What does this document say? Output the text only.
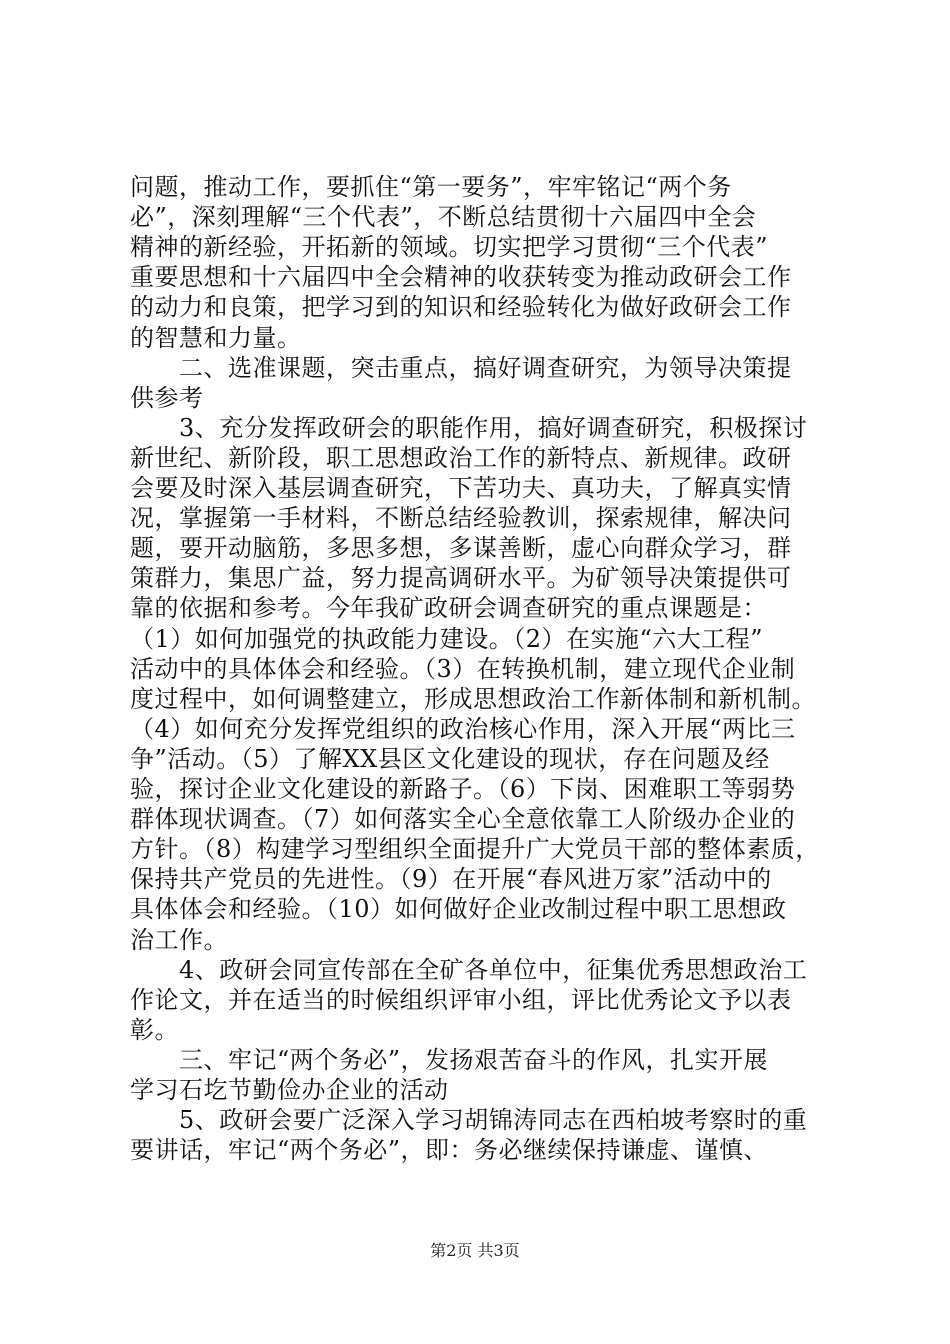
问题，推动工作，要抓住“第一要务”，牢牢铭记“两个务
必”，深刻理解“三个代表”，不断总结贯彻十六届四中全会
精神的新经验，开拓新的领域。切实把学习贯彻“三个代表”
重要思想和十六届四中全会精神的收获转变为推动政研会工作
的动力和良策，把学习到的知识和经验转化为做好政研会工作
的智慧和力量。
　　二、选准课题，突击重点，搞好调查研究，为领导决策提
供参考
　　3、充分发挥政研会的职能作用，搞好调查研究，积极探讨
新世纪、新阶段，职工思想政治工作的新特点、新规律。政研
会要及时深入基层调查研究，下苦功夫、真功夫，了解真实情
况，掌握第一手材料，不断总结经验教训，探索规律，解决问
题，要开动脑筋，多思多想，多谋善断，虚心向群众学习，群
策群力，集思广益，努力提高调研水平。为矿领导决策提供可
靠的依据和参考。今年我矿政研会调查研究的重点课题是：
（1）如何加强党的执政能力建设。（2）在实施“六大工程”
活动中的具体体会和经验。（3）在转换机制，建立现代企业制
度过程中，如何调整建立，形成思想政治工作新体制和新机制。
（4）如何充分发挥党组织的政治核心作用，深入开展“两比三
争”活动。（5）了解XX县区文化建设的现状，存在问题及经
验，探讨企业文化建设的新路子。（6）下岗、困难职工等弱势
群体现状调查。（7）如何落实全心全意依靠工人阶级办企业的
方针。（8）构建学习型组织全面提升广大党员干部的整体素质，
保持共产党员的先进性。（9）在开展“春风进万家”活动中的
具体体会和经验。（10）如何做好企业改制过程中职工思想政
治工作。
　　4、政研会同宣传部在全矿各单位中，征集优秀思想政治工
作论文，并在适当的时候组织评审小组，评比优秀论文予以表
彰。
　　三、牢记“两个务必”，发扬艰苦奋斗的作风，扎实开展
学习石圪节勤俭办企业的活动
　　5、政研会要广泛深入学习胡锦涛同志在西柏坡考察时的重
要讲话，牢记“两个务必”，即：务必继续保持谦虚、谨慎、
第2页 共3页
